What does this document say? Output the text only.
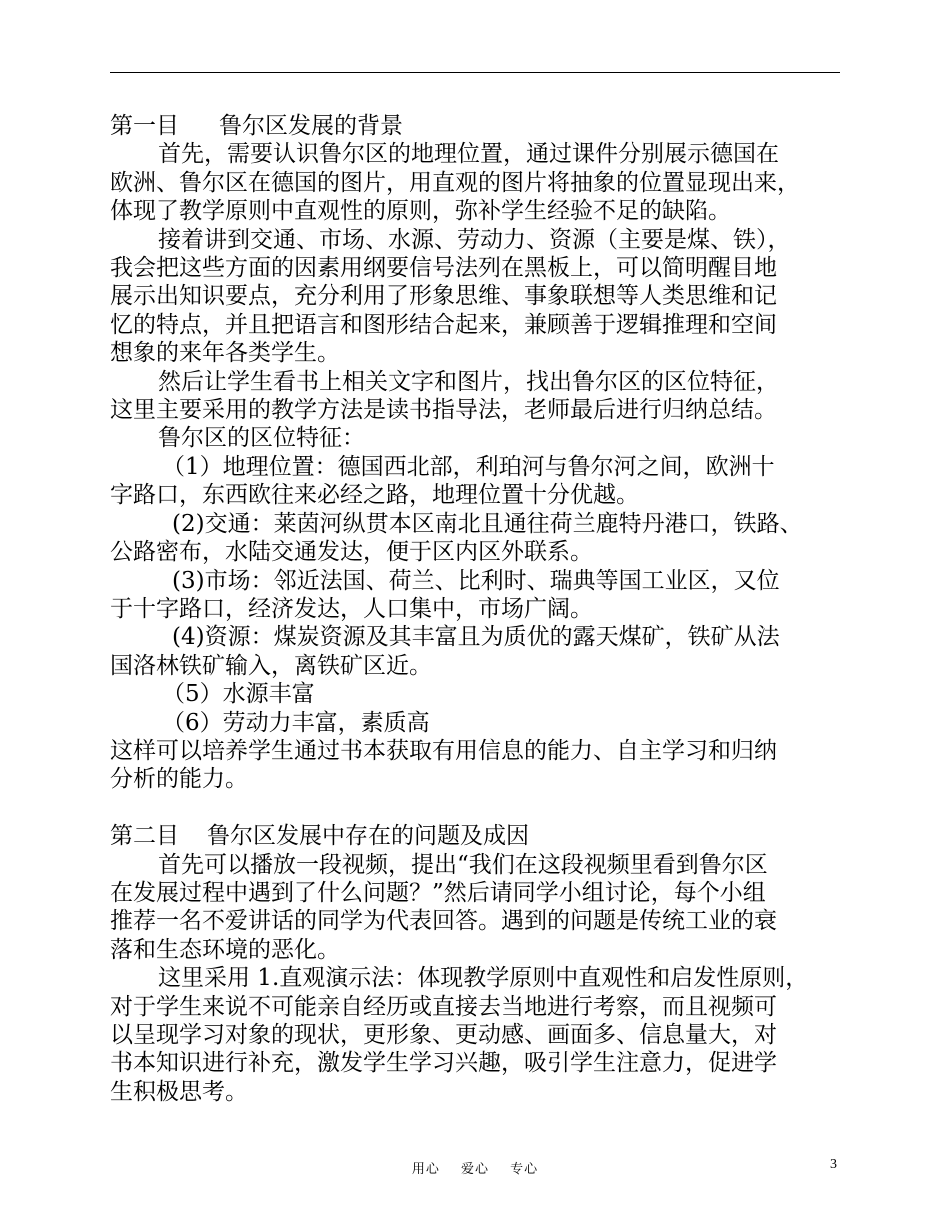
第一目 鲁尔区发展的背景

首先，需要认识鲁尔区的地理位置，通过课件分别展示德国在

欧洲、鲁尔区在德国的图片，用直观的图片将抽象的位置显现出来，

体现了教学原则中直观性的原则，弥补学生经验不足的缺陷。

接着讲到交通、市场、水源、劳动力、资源（主要是煤、铁），

我会把这些方面的因素用纲要信号法列在黑板上，可以简明醒目地

展示出知识要点，充分利用了形象思维、事象联想等人类思维和记

忆的特点，并且把语言和图形结合起来，兼顾善于逻辑推理和空间

想象的来年各类学生。

然后让学生看书上相关文字和图片，找出鲁尔区的区位特征，

这里主要采用的教学方法是读书指导法，老师最后进行归纳总结。

鲁尔区的区位特征：

（1）地理位置：德国西北部，利珀河与鲁尔河之间，欧洲十

字路口，东西欧往来必经之路，地理位置十分优越。

(2)交通：莱茵河纵贯本区南北且通往荷兰鹿特丹港口，铁路、

公路密布，水陆交通发达，便于区内区外联系。

(3)市场：邻近法国、荷兰、比利时、瑞典等国工业区，又位

于十字路口，经济发达，人口集中，市场广阔。

(4)资源：煤炭资源及其丰富且为质优的露天煤矿，铁矿从法

国洛林铁矿输入，离铁矿区近。

（5）水源丰富

（6）劳动力丰富，素质高

这样可以培养学生通过书本获取有用信息的能力、自主学习和归纳

分析的能力。

第二目 鲁尔区发展中存在的问题及成因

首先可以播放一段视频，提出“我们在这段视频里看到鲁尔区

在发展过程中遇到了什么问题？”然后请同学小组讨论，每个小组

推荐一名不爱讲话的同学为代表回答。遇到的问题是传统工业的衰

落和生态环境的恶化。

这里采用 1.直观演示法：体现教学原则中直观性和启发性原则，

对于学生来说不可能亲自经历或直接去当地进行考察，而且视频可

以呈现学习对象的现状，更形象、更动感、画面多、信息量大，对

书本知识进行补充，激发学生学习兴趣，吸引学生注意力，促进学

生积极思考。

用心 爱心 专心	3
